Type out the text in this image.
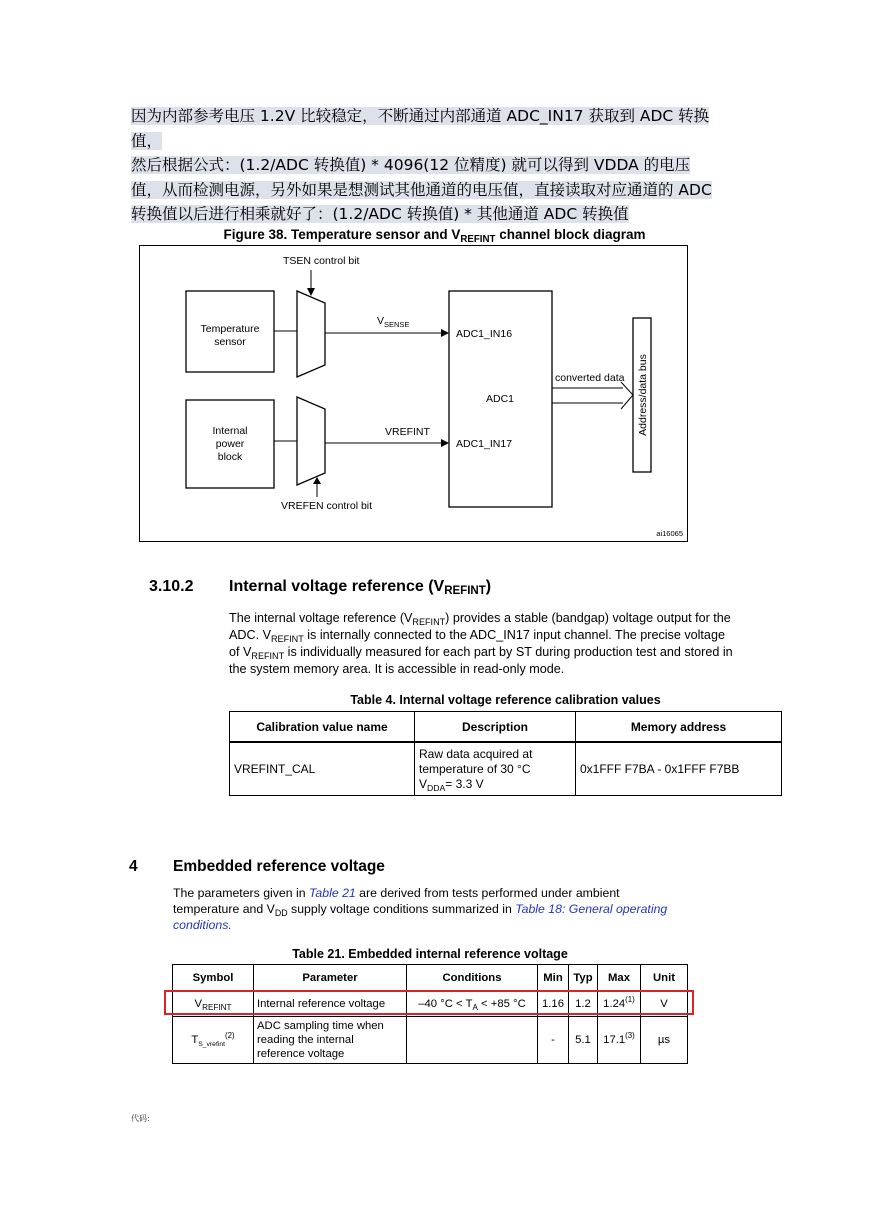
因为内部参考电压 1.2V 比较稳定，不断通过内部通道 ADC_IN17 获取到 ADC 转换
值，
然后根据公式：(1.2/ADC 转换值) * 4096(12 位精度) 就可以得到 VDDA 的电压
值，从而检测电源，另外如果是想测试其他通道的电压值，直接读取对应通道的 ADC
转换值以后进行相乘就好了：(1.2/ADC 转换值) * 其他通道 ADC 转换值
Figure 38. Temperature sensor and $V_{REFINT}$ channel block diagram
Temperature
sensor
Internal
power
block
TSEN control bit
VREFEN control bit
$V_{SENSE}$
VREFINT
ADC1_IN16
ADC1
ADC1_IN17
converted data Address/data bus
ai16065
3.10.2 Internal voltage reference $(V_{REFINT})$
The internal voltage reference $(V_{REFINT})$ provides a stable (bandgap) voltage output for the
ADC. $V_{REFINT}$ is internally connected to the ADC_IN17 input channel. The precise voltage
of $V_{REFINT}$ is individually measured for each part by ST during production test and stored in
the system memory area. It is accessible in read-only mode.
Table 4. Internal voltage reference calibration values
Calibration value name	Description	Memory address
VREFINT_CAL	Raw data acquired at
temperature of 30 °C
$V_{DDA}= 3.3$ V	0x1FFF F7BA - 0x1FFF F7BB
4 Embedded reference voltage
The parameters given in Table 21 are derived from tests performed under ambient
temperature and $V_{DD}$ supply voltage conditions summarized in Table 18: General operating
conditions.
Table 21. Embedded internal reference voltage
Symbol	Parameter	Conditions	Min	Typ	Max	Unit
$V_{REFINT}$	Internal reference voltage	–40 $^\circ C < T_A < +85$ °C	1.16	1.2	1.24$^{(1)}$	V
$T_{S\_vrefint}^{(2)}$	ADC sampling time when
reading the internal
reference voltage		-	5.1	17.1$^{(3)}$	µs
代码:
